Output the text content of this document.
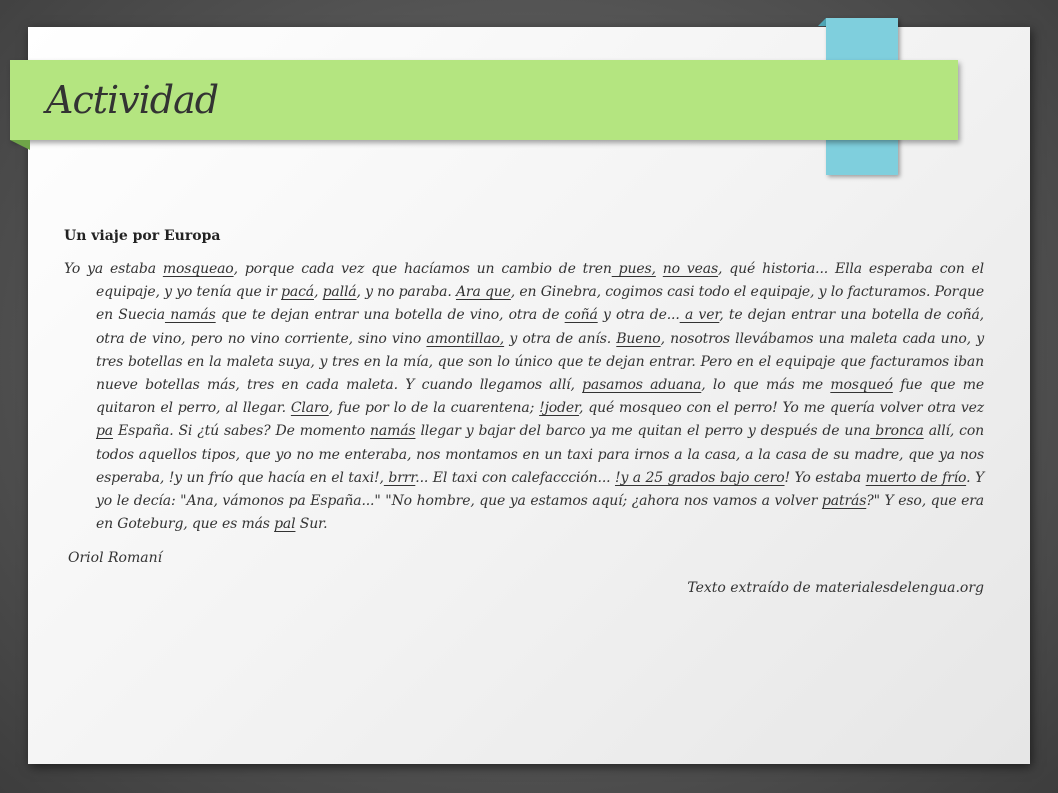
Actividad

Un viaje por Europa

Yo ya estaba mosqueao, porque cada vez que hacíamos un cambio de tren pues, no veas, qué historia... Ella esperaba con el equipaje, y yo tenía que ir pacá, pallá, y no paraba. Ara que, en Ginebra, cogimos casi todo el equipaje, y lo facturamos. Porque en Suecia namás que te dejan entrar una botella de vino, otra de coñá y otra de... a ver, te dejan entrar una botella de coñá, otra de vino, pero no vino corriente, sino vino amontillao, y otra de anís. Bueno, nosotros llevábamos una maleta cada uno, y tres botellas en la maleta suya, y tres en la mía, que son lo único que te dejan entrar. Pero en el equipaje que facturamos iban nueve botellas más, tres en cada maleta. Y cuando llegamos allí, pasamos aduana, lo que más me mosqueó fue que me quitaron el perro, al llegar. Claro, fue por lo de la cuarentena; !joder, qué mosqueo con el perro! Yo me quería volver otra vez pa España. Si ¿tú sabes? De momento namás llegar y bajar del barco ya me quitan el perro y después de una bronca allí, con todos aquellos tipos, que yo no me enteraba, nos montamos en un taxi para irnos a la casa, a la casa de su madre, que ya nos esperaba, !y un frío que hacía en el taxi!, brrr... El taxi con calefaccción... !y a 25 grados bajo cero! Yo estaba muerto de frío. Y yo le decía: "Ana, vámonos pa España..." "No hombre, que ya estamos aquí; ¿ahora nos vamos a volver patrás?" Y eso, que era en Goteburg, que es más pal Sur.

Oriol Romaní

Texto extraído de materialesdelengua.org
